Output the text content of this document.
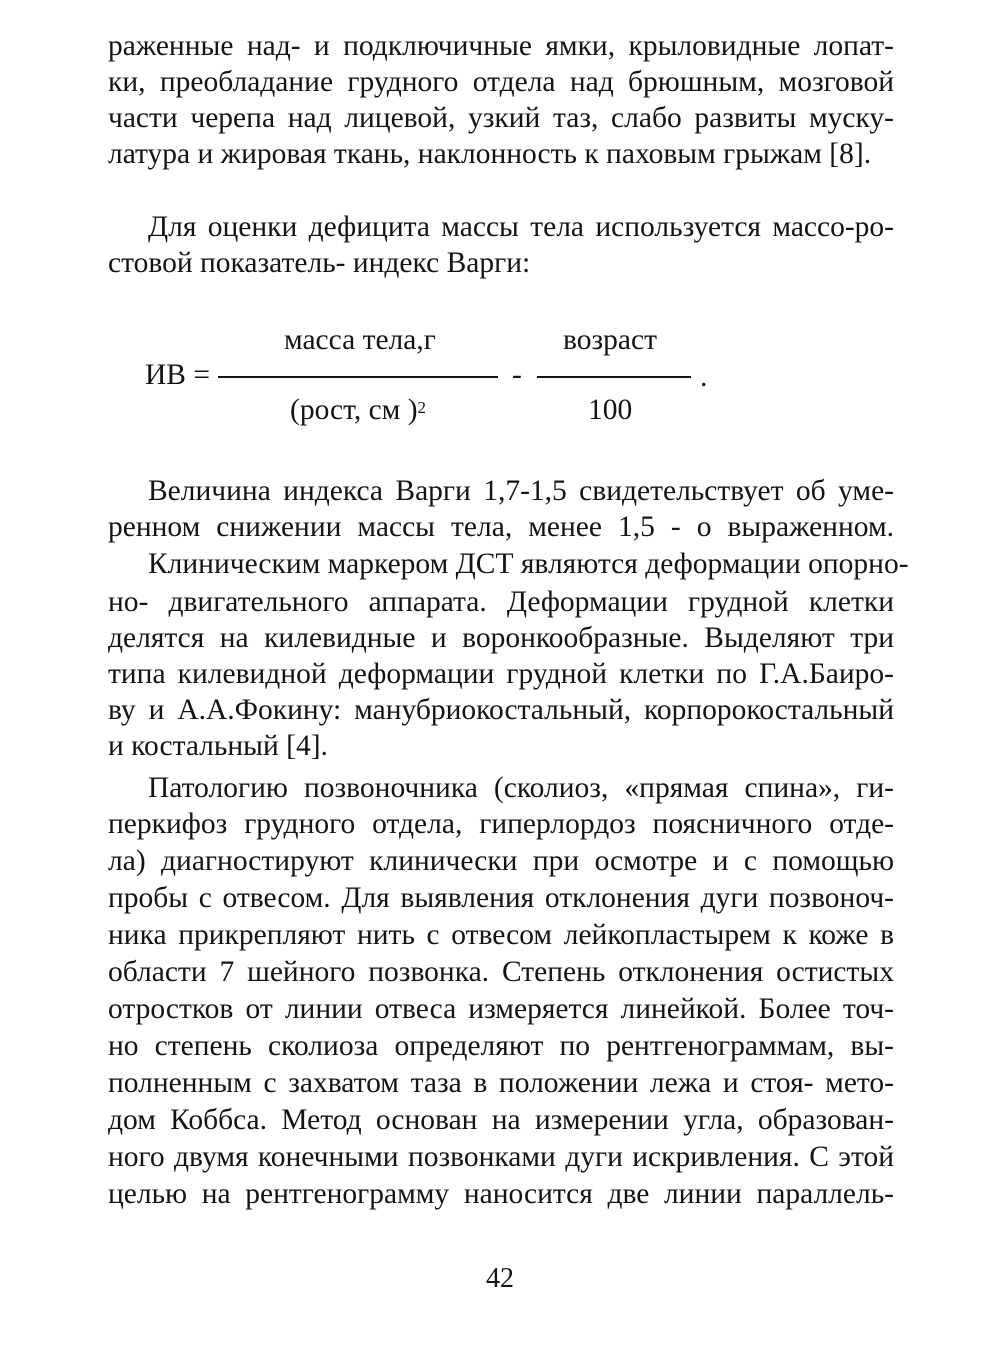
раженные над- и подключичные ямки, крыловидные лопат-
ки, преобладание грудного отдела над брюшным, мозговой
части черепа над лицевой, узкий таз, слабо развиты муску-
латура и жировая ткань, наклонность к паховым грыжам [8].
Для оценки дефицита массы тела используется массо-ро-
стовой показатель- индекс Варги:
ИВ =
масса тела,г
(рост, см )$^2$
-
возраст
100
.
Величина индекса Варги 1,7-1,5 свидетельствует об уме-
ренном снижении массы тела, менее 1,5 - о выраженном.
Клиническим маркером ДСТ являются деформации опорно-
но- двигательного аппарата. Деформации грудной клетки
делятся на килевидные и воронкообразные. Выделяют три
типа килевидной деформации грудной клетки по Г.А.Баиро-
ву и А.А.Фокину: манубриокостальный, корпорокостальный
и костальный [4].
Патологию позвоночника (сколиоз, «прямая спина», ги-
перкифоз грудного отдела, гиперлордоз поясничного отде-
ла) диагностируют клинически при осмотре и с помощью
пробы с отвесом. Для выявления отклонения дуги позвоноч-
ника прикрепляют нить с отвесом лейкопластырем к коже в
области 7 шейного позвонка. Степень отклонения остистых
отростков от линии отвеса измеряется линейкой. Более точ-
но степень сколиоза определяют по рентгенограммам, вы-
полненным с захватом таза в положении лежа и стоя- мето-
дом Коббса. Метод основан на измерении угла, образован-
ного двумя конечными позвонками дуги искривления. С этой
целью на рентгенограмму наносится две линии параллель-
42
